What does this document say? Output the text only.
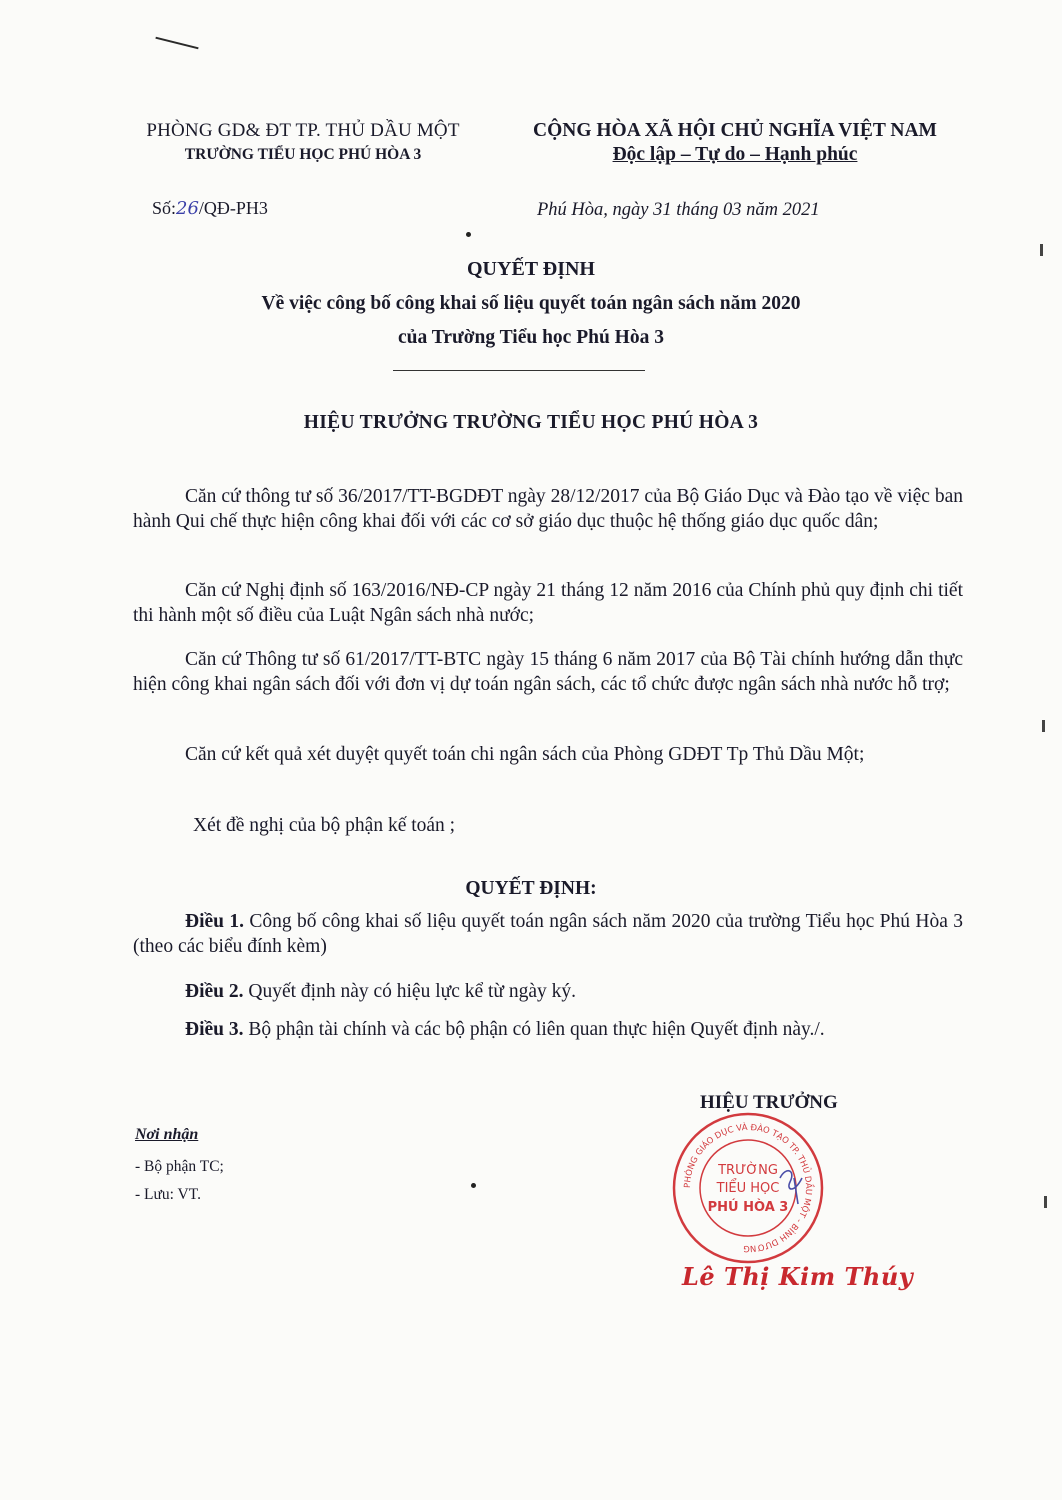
PHÒNG GD& ĐT TP. THỦ DẦU MỘT
TRƯỜNG TIỂU HỌC PHÚ HÒA 3
CỘNG HÒA XÃ HỘI CHỦ NGHĨA VIỆT NAM
Độc lập – Tự do – Hạnh phúc
Số:26/QĐ-PH3	Phú Hòa, ngày 31 tháng 03 năm 2021
QUYẾT ĐỊNH
Về việc công bố công khai số liệu quyết toán ngân sách năm 2020
của Trường Tiểu học Phú Hòa 3
HIỆU TRƯỞNG TRƯỜNG TIỂU HỌC PHÚ HÒA 3
Căn cứ thông tư số 36/2017/TT-BGDĐT ngày 28/12/2017 của Bộ Giáo Dục và Đào tạo về việc ban hành Qui chế thực hiện công khai đối với các cơ sở giáo dục thuộc hệ thống giáo dục quốc dân;
Căn cứ Nghị định số 163/2016/NĐ-CP ngày 21 tháng 12 năm 2016 của Chính phủ quy định chi tiết thi hành một số điều của Luật Ngân sách nhà nước;
Căn cứ Thông tư số 61/2017/TT-BTC ngày 15 tháng 6 năm 2017 của Bộ Tài chính hướng dẫn thực hiện công khai ngân sách đối với đơn vị dự toán ngân sách, các tổ chức được ngân sách nhà nước hỗ trợ;
Căn cứ kết quả xét duyệt quyết toán chi ngân sách của Phòng GDĐT Tp Thủ Dầu Một;
Xét đề nghị của bộ phận kế toán ;
QUYẾT ĐỊNH:
Điều 1. Công bố công khai số liệu quyết toán ngân sách năm 2020 của trường Tiểu học Phú Hòa 3 (theo các biểu đính kèm)
Điều 2. Quyết định này có hiệu lực kể từ ngày ký.
Điều 3. Bộ phận tài chính và các bộ phận có liên quan thực hiện Quyết định này./.
HIỆU TRƯỞNG
Nơi nhận
- Bộ phận TC;
- Lưu: VT.
PHÒNG GIÁO DỤC VÀ ĐÀO TẠO TP. THỦ DẦU MỘT - BÌNH DƯƠNG
TRƯỜNG
TIỂU HỌC
PHÚ HÒA 3
Lê Thị Kim Thúy
